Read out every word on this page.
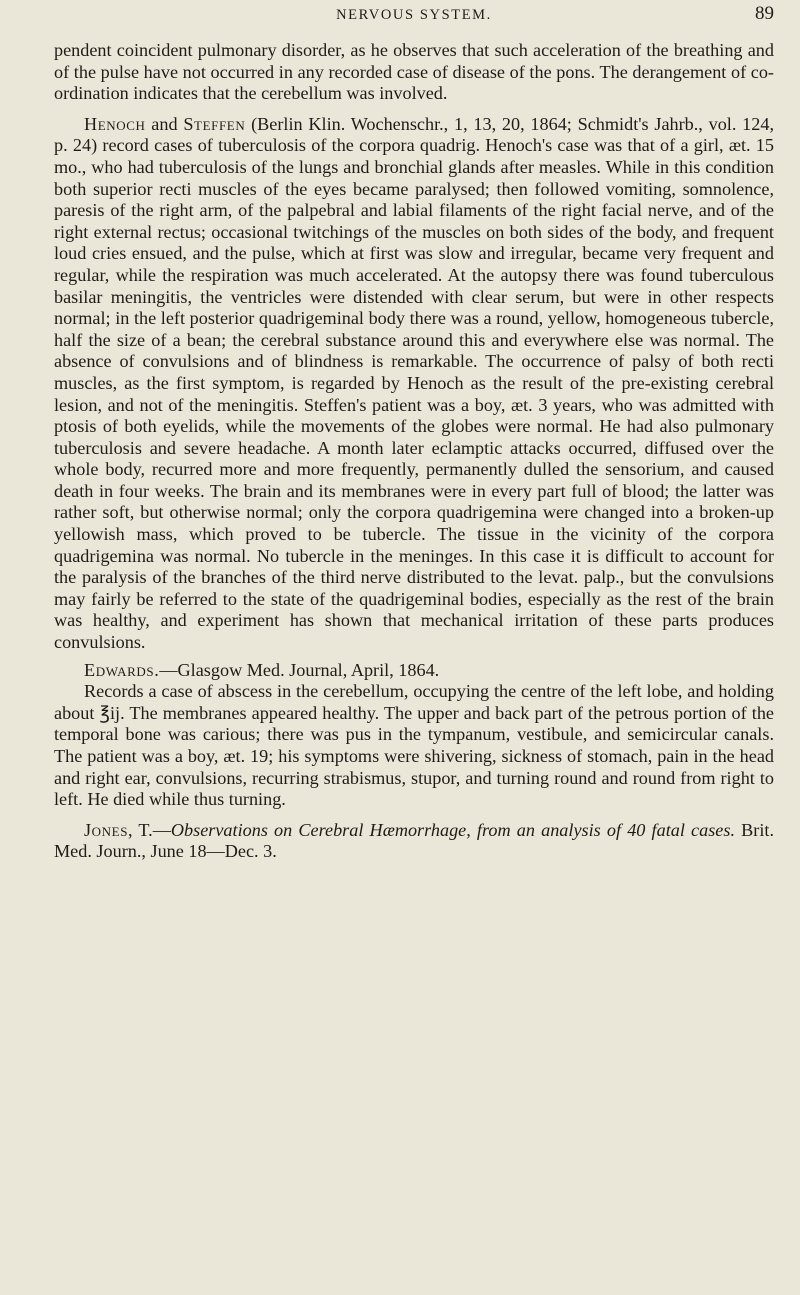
NERVOUS SYSTEM.	89

pendent coincident pulmonary disorder, as he observes that such acceleration of the breathing and of the pulse have not occurred in any recorded case of disease of the pons. The derangement of co-ordination indicates that the cerebellum was involved.

Henoch and Steffen (Berlin Klin. Wochenschr., 1, 13, 20, 1864; Schmidt's Jahrb., vol. 124, p. 24) record cases of tuberculosis of the corpora quadrig. Henoch's case was that of a girl, æt. 15 mo., who had tuberculosis of the lungs and bronchial glands after measles. While in this condition both superior recti muscles of the eyes became paralysed; then followed vomiting, somnolence, paresis of the right arm, of the palpebral and labial filaments of the right facial nerve, and of the right external rectus; occasional twitchings of the muscles on both sides of the body, and frequent loud cries ensued, and the pulse, which at first was slow and irregular, became very frequent and regular, while the respiration was much accelerated. At the autopsy there was found tuberculous basilar meningitis, the ventricles were distended with clear serum, but were in other respects normal; in the left posterior quadrigeminal body there was a round, yellow, homogeneous tubercle, half the size of a bean; the cerebral substance around this and everywhere else was normal. The absence of convulsions and of blindness is remarkable. The occurrence of palsy of both recti muscles, as the first symptom, is regarded by Henoch as the result of the pre-existing cerebral lesion, and not of the meningitis. Steffen's patient was a boy, æt. 3 years, who was admitted with ptosis of both eyelids, while the movements of the globes were normal. He had also pulmonary tuberculosis and severe headache. A month later eclamptic attacks occurred, diffused over the whole body, recurred more and more frequently, permanently dulled the sensorium, and caused death in four weeks. The brain and its membranes were in every part full of blood; the latter was rather soft, but otherwise normal; only the corpora quadrigemina were changed into a broken-up yellowish mass, which proved to be tubercle. The tissue in the vicinity of the corpora quadrigemina was normal. No tubercle in the meninges. In this case it is difficult to account for the paralysis of the branches of the third nerve distributed to the levat. palp., but the convulsions may fairly be referred to the state of the quadrigeminal bodies, especially as the rest of the brain was healthy, and experiment has shown that mechanical irritation of these parts produces convulsions.

Edwards.—Glasgow Med. Journal, April, 1864.

Records a case of abscess in the cerebellum, occupying the centre of the left lobe, and holding about ℥ij. The membranes appeared healthy. The upper and back part of the petrous portion of the temporal bone was carious; there was pus in the tympanum, vestibule, and semicircular canals. The patient was a boy, æt. 19; his symptoms were shivering, sickness of stomach, pain in the head and right ear, convulsions, recurring strabismus, stupor, and turning round and round from right to left. He died while thus turning.

Jones, T.—Observations on Cerebral Hæmorrhage, from an analysis of 40 fatal cases. Brit. Med. Journ., June 18—Dec. 3.
